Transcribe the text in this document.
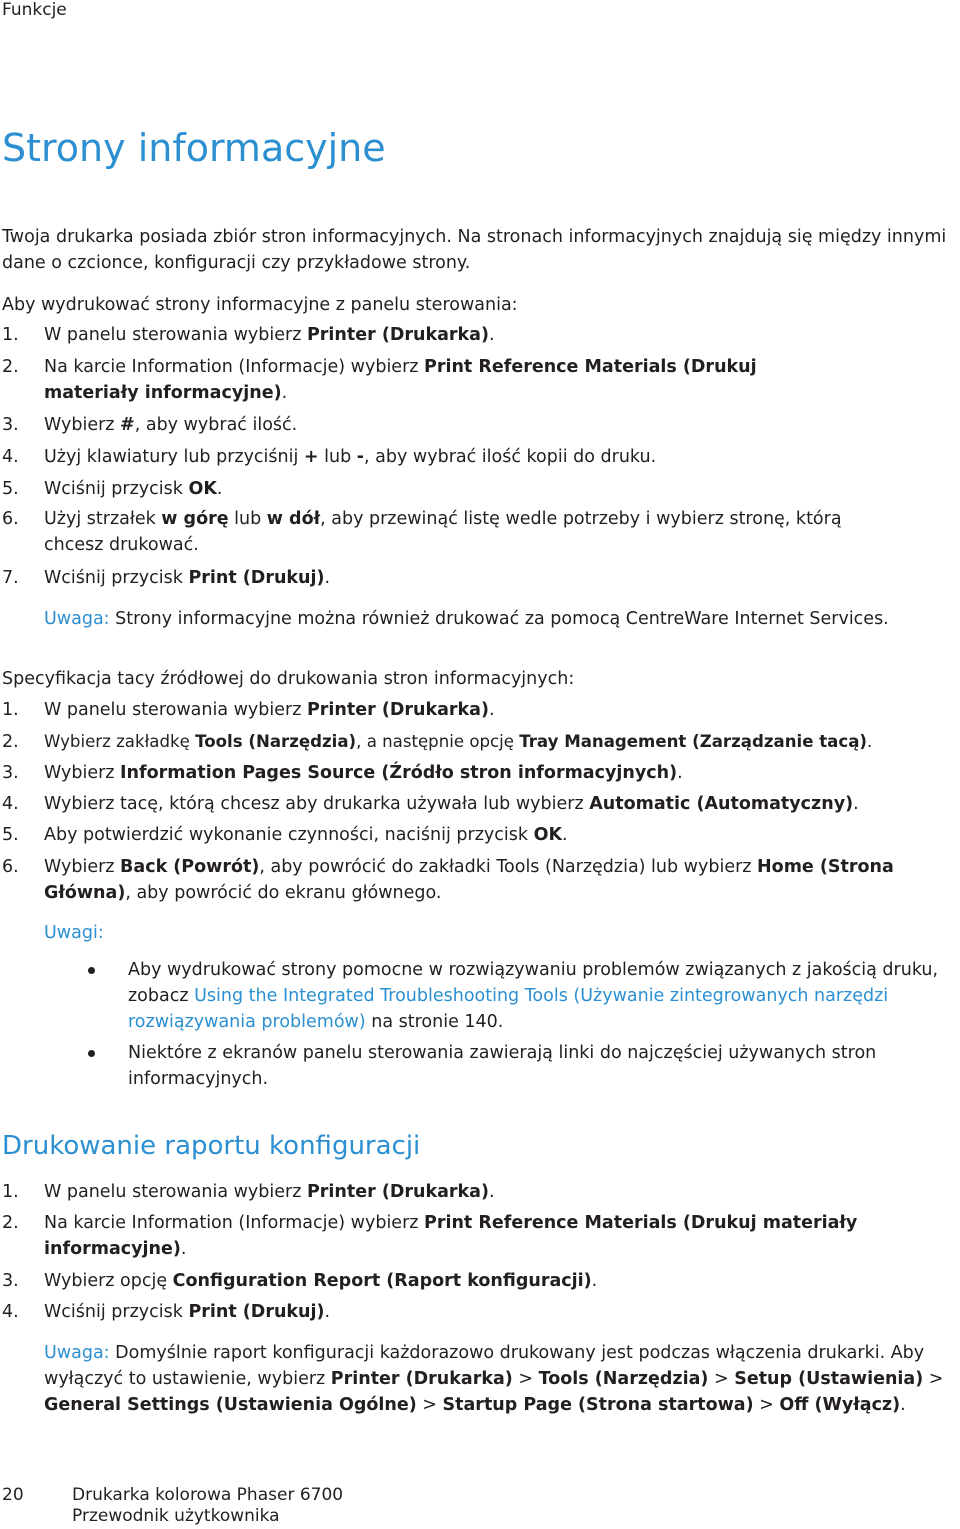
Funkcje
Strony informacyjne
Twoja drukarka posiada zbiór stron informacyjnych. Na stronach informacyjnych znajdują się między innymi dane o czcionce, konfiguracji czy przykładowe strony.
Aby wydrukować strony informacyjne z panelu sterowania:
1.	W panelu sterowania wybierz Printer (Drukarka).
2.	Na karcie Information (Informacje) wybierz Print Reference Materials (Drukuj materiały informacyjne).
3.	Wybierz #, aby wybrać ilość.
4.	Użyj klawiatury lub przyciśnij + lub -, aby wybrać ilość kopii do druku.
5.	Wciśnij przycisk OK.
6.	Użyj strzałek w górę lub w dół, aby przewinąć listę wedle potrzeby i wybierz stronę, którą chcesz drukować.
7.	Wciśnij przycisk Print (Drukuj).
Uwaga: Strony informacyjne można również drukować za pomocą CentreWare Internet Services.
Specyfikacja tacy źródłowej do drukowania stron informacyjnych:
1.	W panelu sterowania wybierz Printer (Drukarka).
2.	Wybierz zakładkę Tools (Narzędzia), a następnie opcję Tray Management (Zarządzanie tacą).
3.	Wybierz Information Pages Source (Źródło stron informacyjnych).
4.	Wybierz tacę, którą chcesz aby drukarka używała lub wybierz Automatic (Automatyczny).
5.	Aby potwierdzić wykonanie czynności, naciśnij przycisk OK.
6.	Wybierz Back (Powrót), aby powrócić do zakładki Tools (Narzędzia) lub wybierz Home (Strona Główna), aby powrócić do ekranu głównego.
Uwagi:
Aby wydrukować strony pomocne w rozwiązywaniu problemów związanych z jakością druku, zobacz Using the Integrated Troubleshooting Tools (Używanie zintegrowanych narzędzi rozwiązywania problemów) na stronie 140.
Niektóre z ekranów panelu sterowania zawierają linki do najczęściej używanych stron informacyjnych.
Drukowanie raportu konfiguracji
1.	W panelu sterowania wybierz Printer (Drukarka).
2.	Na karcie Information (Informacje) wybierz Print Reference Materials (Drukuj materiały informacyjne).
3.	Wybierz opcję Configuration Report (Raport konfiguracji).
4.	Wciśnij przycisk Print (Drukuj).
Uwaga: Domyślnie raport konfiguracji każdorazowo drukowany jest podczas włączenia drukarki. Aby wyłączyć to ustawienie, wybierz Printer (Drukarka) > Tools (Narzędzia) > Setup (Ustawienia) > General Settings (Ustawienia Ogólne) > Startup Page (Strona startowa) > Off (Wyłącz).
20	Drukarka kolorowa Phaser 6700
Przewodnik użytkownika
